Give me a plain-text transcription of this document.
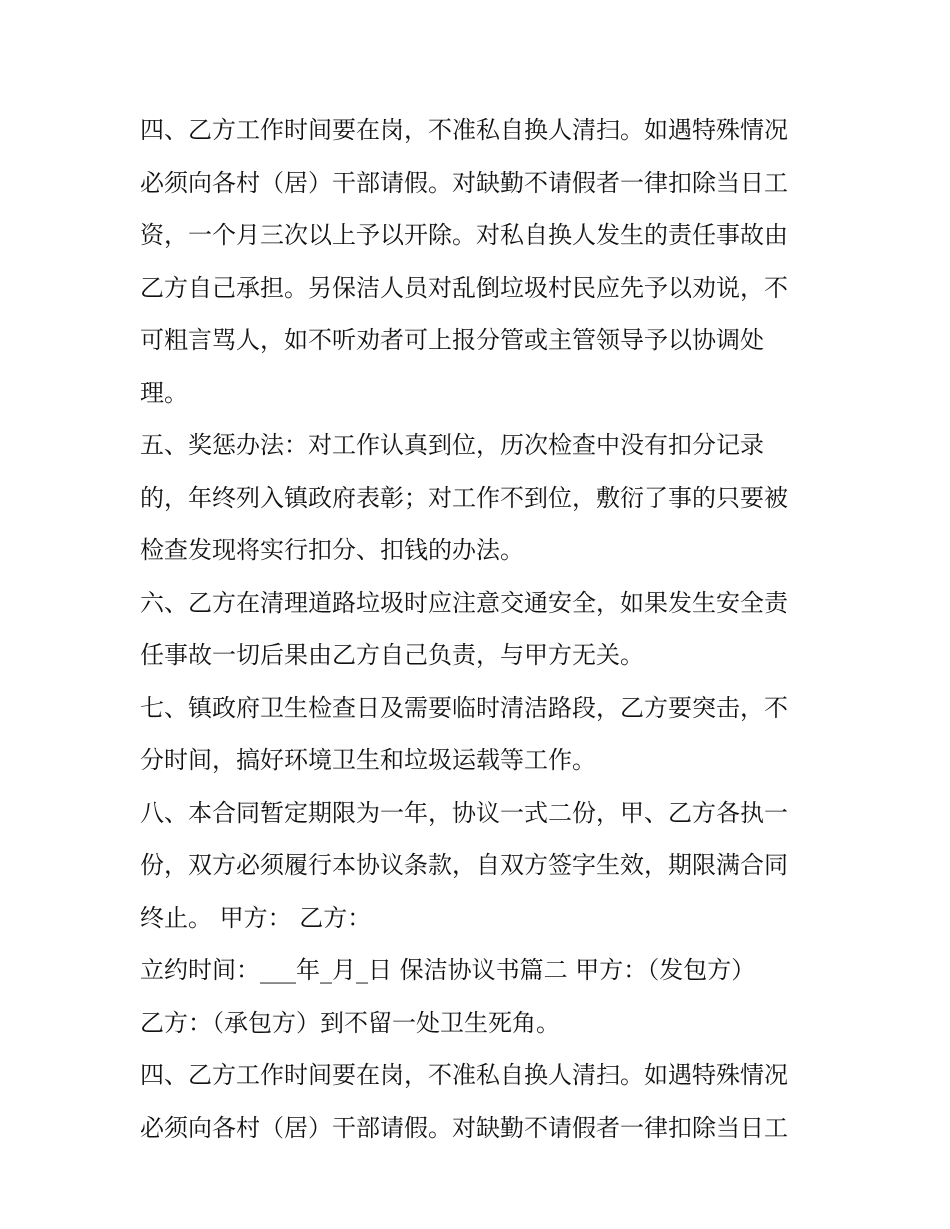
四、乙方工作时间要在岗，不准私自换人清扫。如遇特殊情况
必须向各村（居）干部请假。对缺勤不请假者一律扣除当日工
资，一个月三次以上予以开除。对私自换人发生的责任事故由
乙方自己承担。另保洁人员对乱倒垃圾村民应先予以劝说，不
可粗言骂人，如不听劝者可上报分管或主管领导予以协调处
理。
五、奖惩办法：对工作认真到位，历次检查中没有扣分记录
的，年终列入镇政府表彰；对工作不到位，敷衍了事的只要被
检查发现将实行扣分、扣钱的办法。
六、乙方在清理道路垃圾时应注意交通安全，如果发生安全责
任事故一切后果由乙方自己负责，与甲方无关。
七、镇政府卫生检查日及需要临时清洁路段，乙方要突击，不
分时间，搞好环境卫生和垃圾运载等工作。
八、本合同暂定期限为一年，协议一式二份，甲、乙方各执一
份，双方必须履行本协议条款，自双方签字生效，期限满合同
终止。 甲方： 乙方：
立约时间：___年_月_日 保洁协议书篇二 甲方：（发包方）
乙方：（承包方）到不留一处卫生死角。
四、乙方工作时间要在岗，不准私自换人清扫。如遇特殊情况
必须向各村（居）干部请假。对缺勤不请假者一律扣除当日工
